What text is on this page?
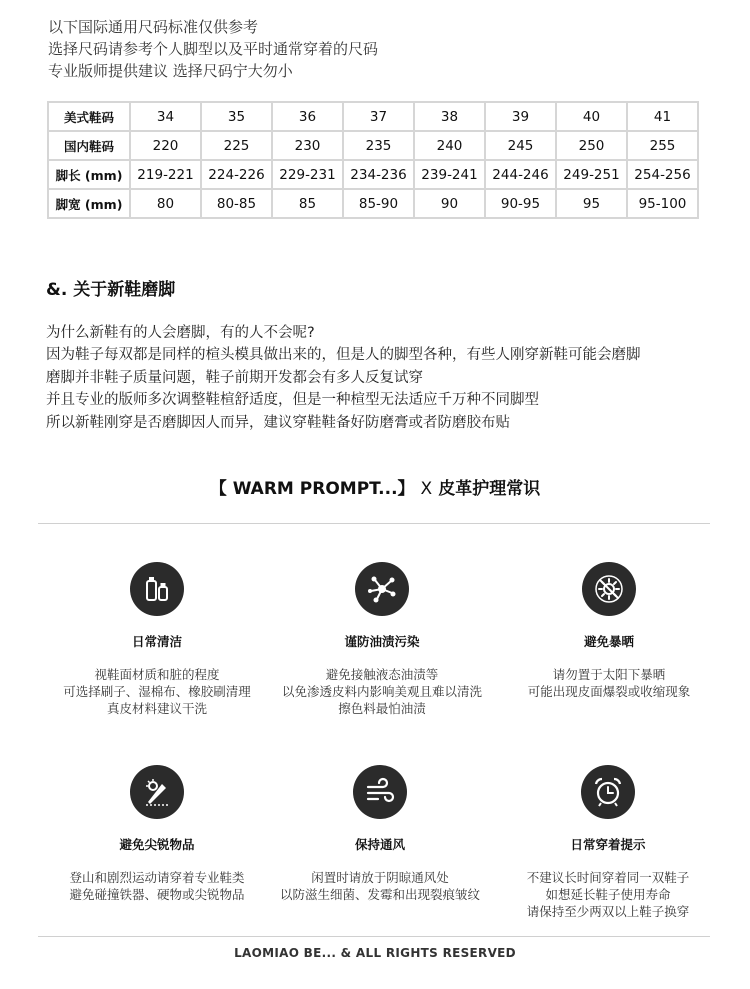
以下国际通用尺码标准仅供参考
选择尺码请参考个人脚型以及平时通常穿着的尺码
专业版师提供建议 选择尺码宁大勿小
美式鞋码	34	35	36	37	38	39	40	41
国内鞋码	220	225	230	235	240	245	250	255
脚长 (mm)	219-221	224-226	229-231	234-236	239-241	244-246	249-251	254-256
脚宽 (mm)	80	80-85	85	85-90	90	90-95	95	95-100
&. 关于新鞋磨脚
为什么新鞋有的人会磨脚，有的人不会呢?
因为鞋子每双都是同样的楦头模具做出来的，但是人的脚型各种，有些人刚穿新鞋可能会磨脚
磨脚并非鞋子质量问题，鞋子前期开发都会有多人反复试穿
并且专业的版师多次调整鞋楦舒适度，但是一种楦型无法适应千万种不同脚型
所以新鞋刚穿是否磨脚因人而异，建议穿鞋鞋备好防磨膏或者防磨胶布贴
【 WARM PROMPT...】 X 皮革护理常识
日常清洁
视鞋面材质和脏的程度
可选择刷子、湿棉布、橡胶刷清理
真皮材料建议干洗
谨防油渍污染
避免接触液态油渍等
以免渗透皮料内影响美观且难以清洗
擦色料最怕油渍
避免暴晒
请勿置于太阳下暴晒
可能出现皮面爆裂或收缩现象
避免尖锐物品
登山和剧烈运动请穿着专业鞋类
避免碰撞铁器、硬物或尖锐物品
保持通风
闲置时请放于阴晾通风处
以防滋生细菌、发霉和出现裂痕皱纹
日常穿着提示
不建议长时间穿着同一双鞋子
如想延长鞋子使用寿命
请保持至少两双以上鞋子换穿
LAOMIAO BE... & ALL RIGHTS RESERVED
